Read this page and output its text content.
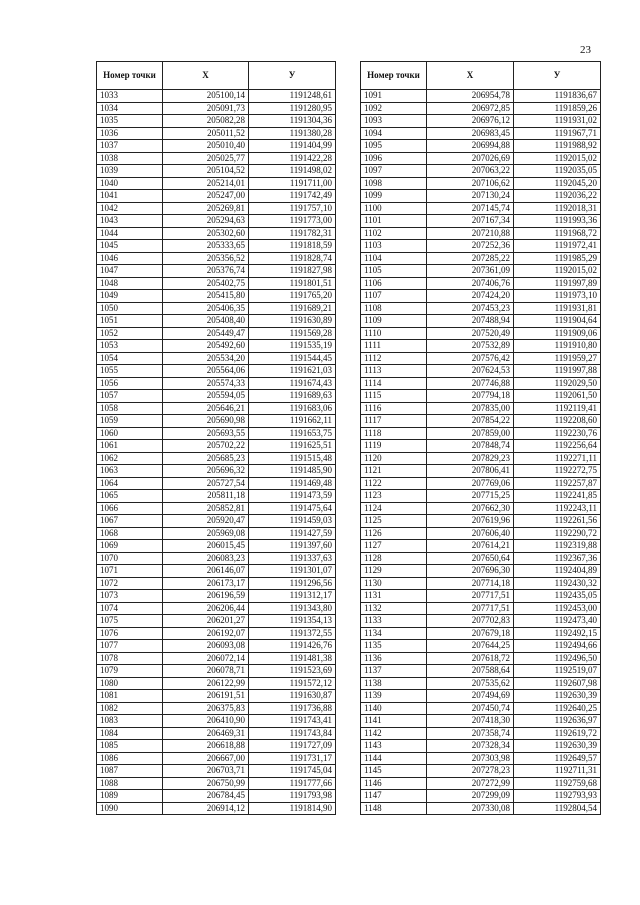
23
Номер точки	Х	У
1033	205100,14	1191248,61
1034	205091,73	1191280,95
1035	205082,28	1191304,36
1036	205011,52	1191380,28
1037	205010,40	1191404,99
1038	205025,77	1191422,28
1039	205104,52	1191498,02
1040	205214,01	1191711,00
1041	205247,00	1191742,49
1042	205269,81	1191757,10
1043	205294,63	1191773,00
1044	205302,60	1191782,31
1045	205333,65	1191818,59
1046	205356,52	1191828,74
1047	205376,74	1191827,98
1048	205402,75	1191801,51
1049	205415,80	1191765,20
1050	205406,35	1191689,21
1051	205408,40	1191630,89
1052	205449,47	1191569,28
1053	205492,60	1191535,19
1054	205534,20	1191544,45
1055	205564,06	1191621,03
1056	205574,33	1191674,43
1057	205594,05	1191689,63
1058	205646,21	1191683,06
1059	205690,98	1191662,11
1060	205693,55	1191653,75
1061	205702,22	1191625,51
1062	205685,23	1191515,48
1063	205696,32	1191485,90
1064	205727,54	1191469,48
1065	205811,18	1191473,59
1066	205852,81	1191475,64
1067	205920,47	1191459,03
1068	205969,08	1191427,59
1069	206015,45	1191397,60
1070	206083,23	1191337,63
1071	206146,07	1191301,07
1072	206173,17	1191296,56
1073	206196,59	1191312,17
1074	206206,44	1191343,80
1075	206201,27	1191354,13
1076	206192,07	1191372,55
1077	206093,08	1191426,76
1078	206072,14	1191481,38
1079	206078,71	1191523,69
1080	206122,99	1191572,12
1081	206191,51	1191630,87
1082	206375,83	1191736,88
1083	206410,90	1191743,41
1084	206469,31	1191743,84
1085	206618,88	1191727,09
1086	206667,00	1191731,17
1087	206703,71	1191745,04
1088	206750,99	1191777,66
1089	206784,45	1191793,98
1090	206914,12	1191814,90
Номер точки	Х	У
1091	206954,78	1191836,67
1092	206972,85	1191859,26
1093	206976,12	1191931,02
1094	206983,45	1191967,71
1095	206994,88	1191988,92
1096	207026,69	1192015,02
1097	207063,22	1192035,05
1098	207106,62	1192045,20
1099	207130,24	1192036,22
1100	207145,74	1192018,31
1101	207167,34	1191993,36
1102	207210,88	1191968,72
1103	207252,36	1191972,41
1104	207285,22	1191985,29
1105	207361,09	1192015,02
1106	207406,76	1191997,89
1107	207424,20	1191973,10
1108	207453,23	1191931,81
1109	207488,94	1191904,64
1110	207520,49	1191909,06
1111	207532,89	1191910,80
1112	207576,42	1191959,27
1113	207624,53	1191997,88
1114	207746,88	1192029,50
1115	207794,18	1192061,50
1116	207835,00	1192119,41
1117	207854,22	1192208,60
1118	207859,00	1192230,76
1119	207848,74	1192256,64
1120	207829,23	1192271,11
1121	207806,41	1192272,75
1122	207769,06	1192257,87
1123	207715,25	1192241,85
1124	207662,30	1192243,11
1125	207619,96	1192261,56
1126	207606,40	1192290,72
1127	207614,21	1192319,88
1128	207650,64	1192367,36
1129	207696,30	1192404,89
1130	207714,18	1192430,32
1131	207717,51	1192435,05
1132	207717,51	1192453,00
1133	207702,83	1192473,40
1134	207679,18	1192492,15
1135	207644,25	1192494,66
1136	207618,72	1192496,50
1137	207588,64	1192519,07
1138	207535,62	1192607,98
1139	207494,69	1192630,39
1140	207450,74	1192640,25
1141	207418,30	1192636,97
1142	207358,74	1192619,72
1143	207328,34	1192630,39
1144	207303,98	1192649,57
1145	207278,23	1192711,31
1146	207272,99	1192759,68
1147	207299,09	1192793,93
1148	207330,08	1192804,54
